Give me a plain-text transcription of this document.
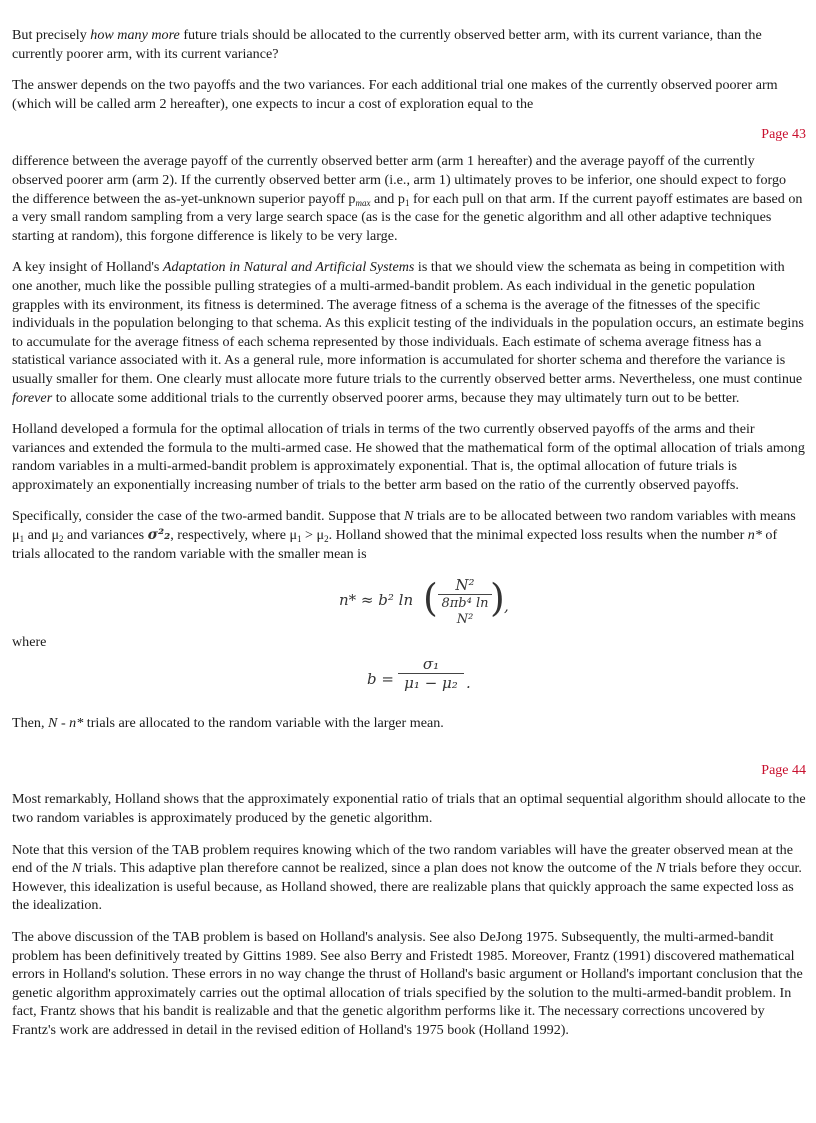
But precisely how many more future trials should be allocated to the currently observed better arm, with its current variance, than the currently poorer arm, with its current variance?

The answer depends on the two payoffs and the two variances. For each additional trial one makes of the currently observed poorer arm (which will be called arm 2 hereafter), one expects to incur a cost of exploration equal to the

Page 43

difference between the average payoff of the currently observed better arm (arm 1 hereafter) and the average payoff of the currently observed poorer arm (arm 2). If the currently observed better arm (i.e., arm 1) ultimately proves to be inferior, one should expect to forgo the difference between the as-yet-unknown superior payoff $p_{max}$ and $p_1$ for each pull on that arm. If the current payoff estimates are based on a very small random sampling from a very large search space (as is the case for the genetic algorithm and all other adaptive techniques starting at random), this forgone difference is likely to be very large.

A key insight of Holland's Adaptation in Natural and Artificial Systems is that we should view the schemata as being in competition with one another, much like the possible pulling strategies of a multi-armed-bandit problem. As each individual in the genetic population grapples with its environment, its fitness is determined. The average fitness of a schema is the average of the fitnesses of the specific individuals in the population belonging to that schema. As this explicit testing of the individuals in the population occurs, an estimate begins to accumulate for the average fitness of each schema represented by those individuals. Each estimate of schema average fitness has a statistical variance associated with it. As a general rule, more information is accumulated for shorter schema and therefore the variance is usually smaller for them. One clearly must allocate more future trials to the currently observed better arms. Nevertheless, one must continue forever to allocate some additional trials to the currently observed poorer arms, because they may ultimately turn out to be better.

Holland developed a formula for the optimal allocation of trials in terms of the two currently observed payoffs of the arms and their variances and extended the formula to the multi-armed case. He showed that the mathematical form of the optimal allocation of trials among random variables in a multi-armed-bandit problem is approximately exponential. That is, the optimal allocation of future trials is approximately an exponentially increasing number of trials to the better arm based on the ratio of the currently observed payoffs.

Specifically, consider the case of the two-armed bandit. Suppose that N trials are to be allocated between two random variables with means $\mu_1$ and $\mu_2$ and variances σ²₂, respectively, where $\mu_1 > \mu_2$. Holland showed that the minimal expected loss results when the number n* of trials allocated to the random variable with the smaller mean is

n* ≈ b² ln (	N²
8πb⁴ ln N² ) ,

where

b =
σ₁
μ₁ − μ₂ .

Then, N - n* trials are allocated to the random variable with the larger mean.

Page 44

Most remarkably, Holland shows that the approximately exponential ratio of trials that an optimal sequential algorithm should allocate to the two random variables is approximately produced by the genetic algorithm.

Note that this version of the TAB problem requires knowing which of the two random variables will have the greater observed mean at the end of the N trials. This adaptive plan therefore cannot be realized, since a plan does not know the outcome of the N trials before they occur. However, this idealization is useful because, as Holland showed, there are realizable plans that quickly approach the same expected loss as the idealization.

The above discussion of the TAB problem is based on Holland's analysis. See also DeJong 1975. Subsequently, the multi-armed-bandit problem has been definitively treated by Gittins 1989. See also Berry and Fristedt 1985. Moreover, Frantz (1991) discovered mathematical errors in Holland's solution. These errors in no way change the thrust of Holland's basic argument or Holland's important conclusion that the genetic algorithm approximately carries out the optimal allocation of trials specified by the solution to the multi-armed-bandit problem. In fact, Frantz shows that his bandit is realizable and that the genetic algorithm performs like it. The necessary corrections uncovered by Frantz's work are addressed in detail in the revised edition of Holland's 1975 book (Holland 1992).
